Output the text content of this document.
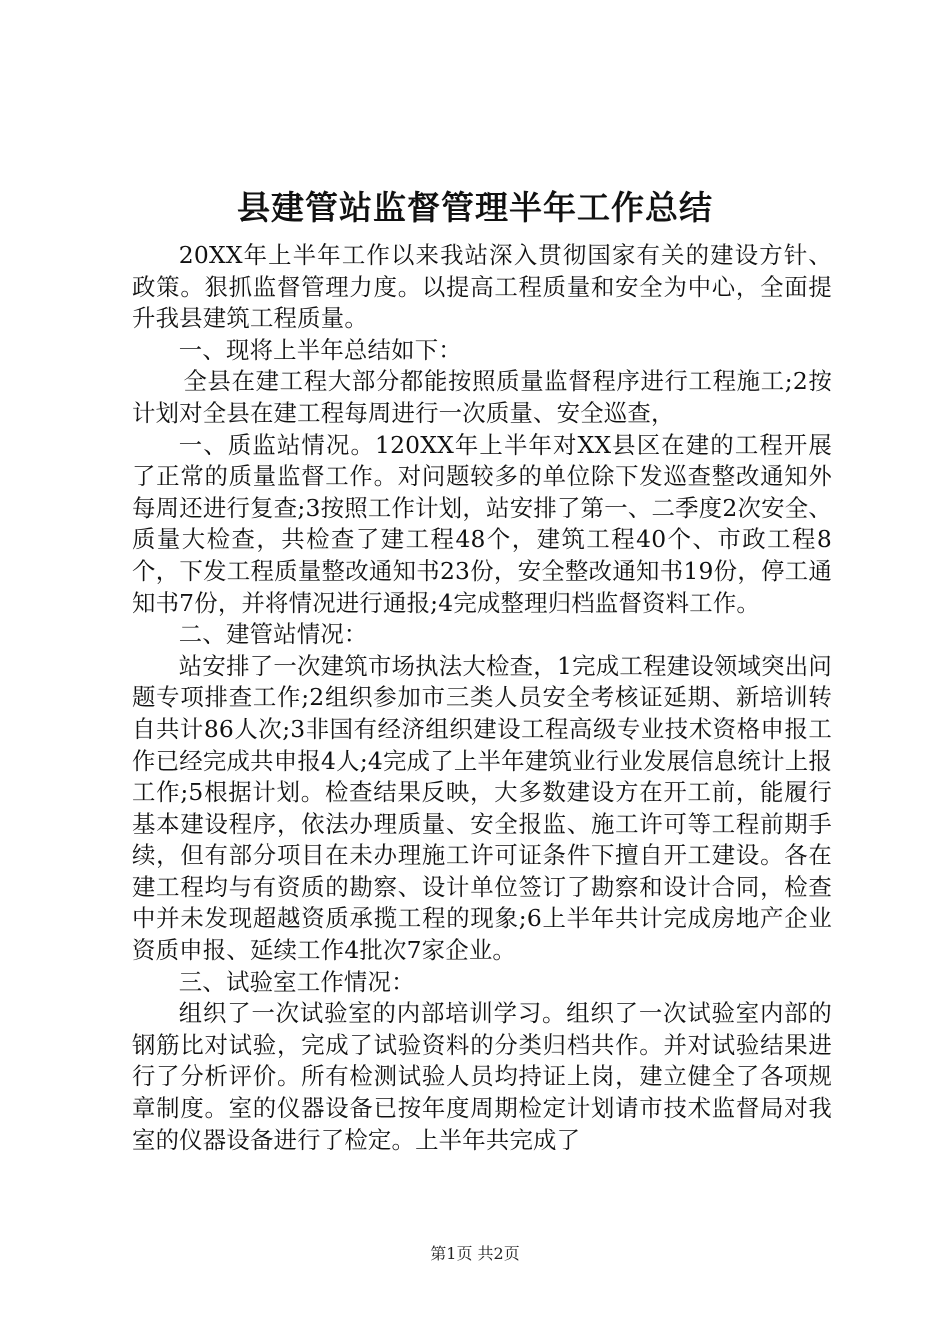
县建管站监督管理半年工作总结

20XX年上半年工作以来我站深入贯彻国家有关的建设方针、政策。狠抓监督管理力度。以提高工程质量和安全为中心，全面提升我县建筑工程质量。

一、现将上半年总结如下：

全县在建工程大部分都能按照质量监督程序进行工程施工;2按计划对全县在建工程每周进行一次质量、安全巡查，

一、质监站情况。120XX年上半年对XX县区在建的工程开展了正常的质量监督工作。对问题较多的单位除下发巡查整改通知外每周还进行复查;3按照工作计划，站安排了第一、二季度2次安全、质量大检查，共检查了建工程48个，建筑工程40个、市政工程8个，下发工程质量整改通知书23份，安全整改通知书19份，停工通知书7份，并将情况进行通报;4完成整理归档监督资料工作。

二、建管站情况：

站安排了一次建筑市场执法大检查，1完成工程建设领域突出问题专项排查工作;2组织参加市三类人员安全考核证延期、新培训转自共计86人次;3非国有经济组织建设工程高级专业技术资格申报工作已经完成共申报4人;4完成了上半年建筑业行业发展信息统计上报工作;5根据计划。检查结果反映，大多数建设方在开工前，能履行基本建设程序，依法办理质量、安全报监、施工许可等工程前期手续，但有部分项目在未办理施工许可证条件下擅自开工建设。各在建工程均与有资质的勘察、设计单位签订了勘察和设计合同，检查中并未发现超越资质承揽工程的现象;6上半年共计完成房地产企业资质申报、延续工作4批次7家企业。

三、试验室工作情况：

组织了一次试验室的内部培训学习。组织了一次试验室内部的钢筋比对试验，完成了试验资料的分类归档共作。并对试验结果进行了分析评价。所有检测试验人员均持证上岗，建立健全了各项规章制度。室的仪器设备已按年度周期检定计划请市技术监督局对我室的仪器设备进行了检定。上半年共完成了

第1页 共2页
